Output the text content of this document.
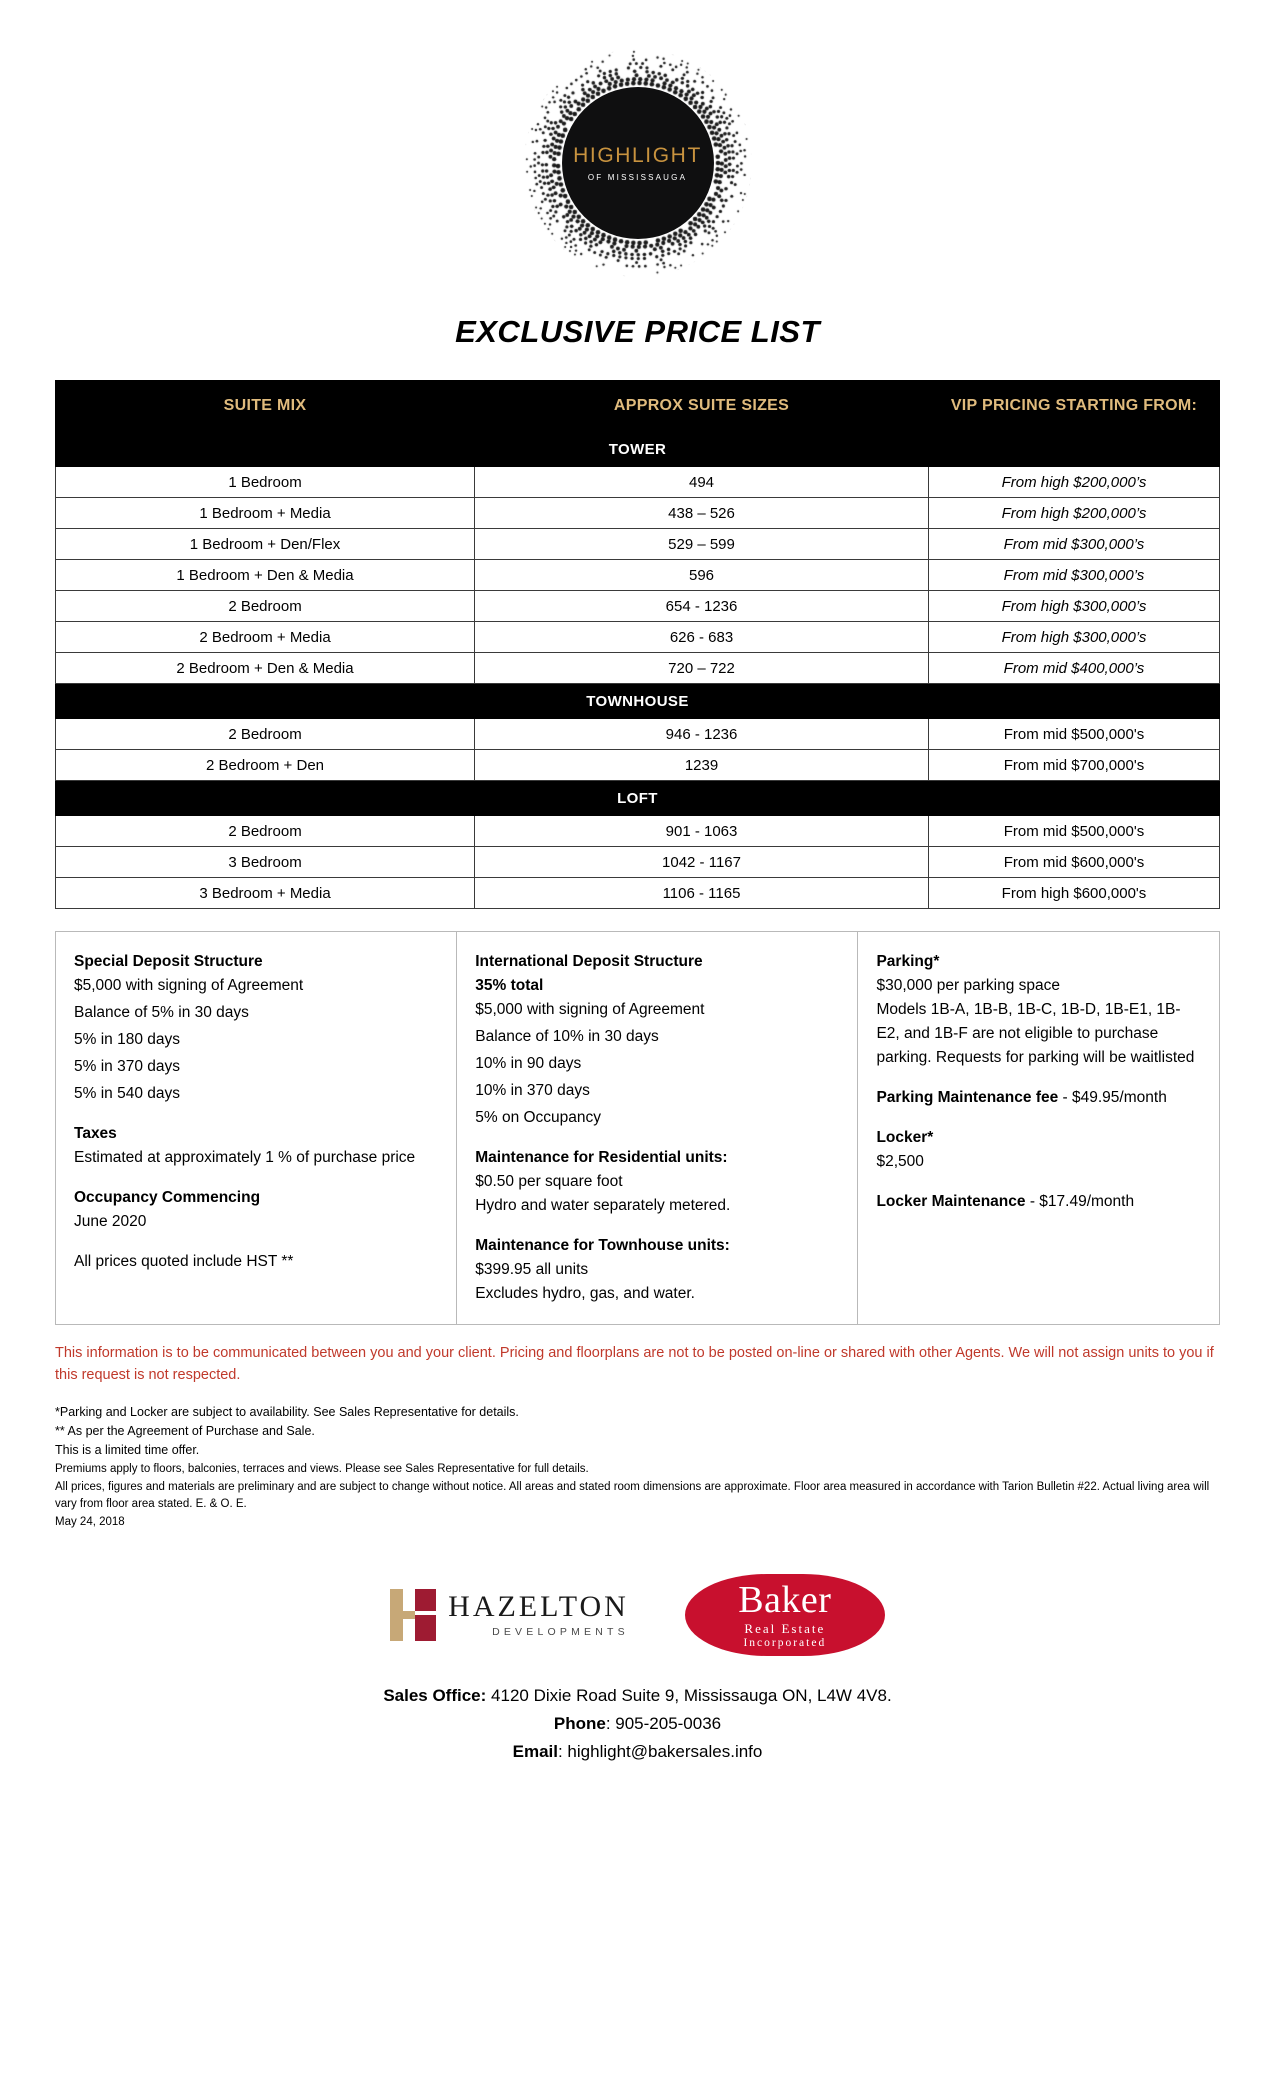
HIGHLIGHT
OF MISSISSAUGA
EXCLUSIVE PRICE LIST
SUITE MIX	APPROX SUITE SIZES	VIP PRICING STARTING FROM:
TOWER		
1 Bedroom	494	From high $200,000’s
1 Bedroom + Media	438 – 526	From high $200,000’s
1 Bedroom + Den/Flex	529 – 599	From mid $300,000’s
1 Bedroom + Den & Media	596	From mid $300,000’s
2 Bedroom	654 - 1236	From high $300,000’s
2 Bedroom + Media	626 - 683	From high $300,000’s
2 Bedroom + Den & Media	720 – 722	From mid $400,000’s
TOWNHOUSE		
2 Bedroom	946 - 1236	From mid $500,000's
2 Bedroom + Den	1239	From mid $700,000's
LOFT		
2 Bedroom	901 - 1063	From mid $500,000's
3 Bedroom	1042 - 1167	From mid $600,000's
3 Bedroom + Media	1106 - 1165	From high $600,000's

Special Deposit Structure

$5,000 with signing of Agreement

Balance of 5% in 30 days

5% in 180 days

5% in 370 days

5% in 540 days

Taxes

Estimated at approximately 1 % of purchase price

Occupancy Commencing

June 2020

All prices quoted include HST **

International Deposit Structure

35% total

$5,000 with signing of Agreement

Balance of 10% in 30 days

10% in 90 days

10% in 370 days

5% on Occupancy

Maintenance for Residential units:

$0.50 per square foot

Hydro and water separately metered.

Maintenance for Townhouse units:

$399.95 all units

Excludes hydro, gas, and water.

Parking*

$30,000 per parking space

Models 1B-A, 1B-B, 1B-C, 1B-D, 1B-E1, 1B-E2, and 1B-F are not eligible to purchase parking. Requests for parking will be waitlisted

Parking Maintenance fee - $49.95/month

Locker*

$2,500

Locker Maintenance - $17.49/month

This information is to be communicated between you and your client. Pricing and floorplans are not to be posted on-line or shared with other Agents. We will not assign units to you if this request is not respected.
*Parking and Locker are subject to availability. See Sales Representative for details.
** As per the Agreement of Purchase and Sale.
This is a limited time offer.
Premiums apply to floors, balconies, terraces and views. Please see Sales Representative for full details.
All prices, figures and materials are preliminary and are subject to change without notice. All areas and stated room dimensions are approximate. Floor area measured in accordance with Tarion Bulletin #22. Actual living area will vary from floor area stated. E. & O. E.
May 24, 2018
HAZELTON
DEVELOPMENTS
Baker
Real Estate
Incorporated
Sales Office: 4120 Dixie Road Suite 9, Mississauga ON, L4W 4V8.
Phone: 905-205-0036
Email: highlight@bakersales.info
